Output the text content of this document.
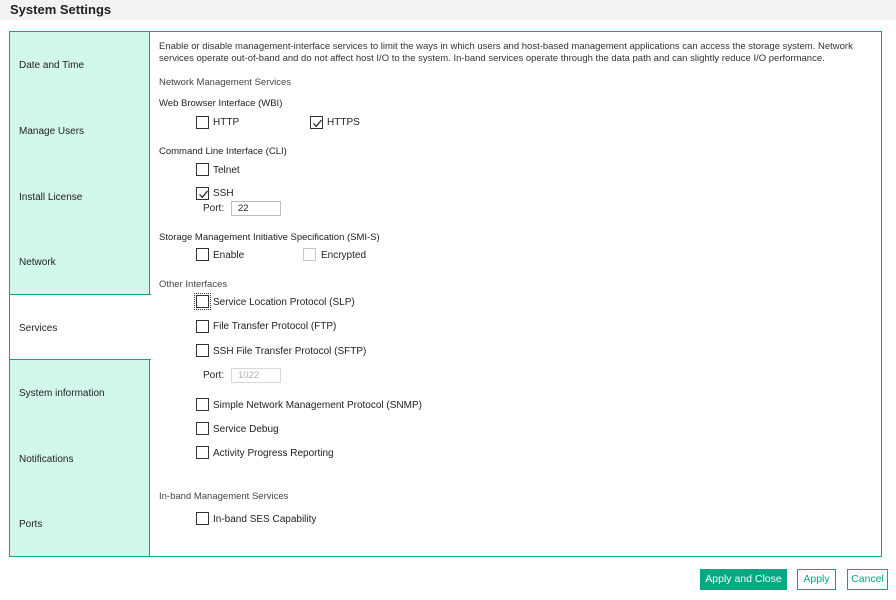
System Settings
Date and Time
Manage Users
Install License
Network
Services
System information
Notifications
Ports
Enable or disable management-interface services to limit the ways in which users and host-based management applications can access the storage system. Network services operate out-of-band and do not affect host I/O to the system. In-band services operate through the data path and can slightly reduce I/O performance.
Network Management Services
Web Browser Interface (WBI)
HTTP	HTTPS
Command Line Interface (CLI)
Telnet
SSH
Port:	22
Storage Management Initiative Specification (SMI-S)
Enable	Encrypted
Other Interfaces
Service Location Protocol (SLP)
File Transfer Protocol (FTP)
SSH File Transfer Protocol (SFTP)
Port:	1022
Simple Network Management Protocol (SNMP)
Service Debug
Activity Progress Reporting
In-band Management Services
In-band SES Capability
Apply and Close	Apply	Cancel
